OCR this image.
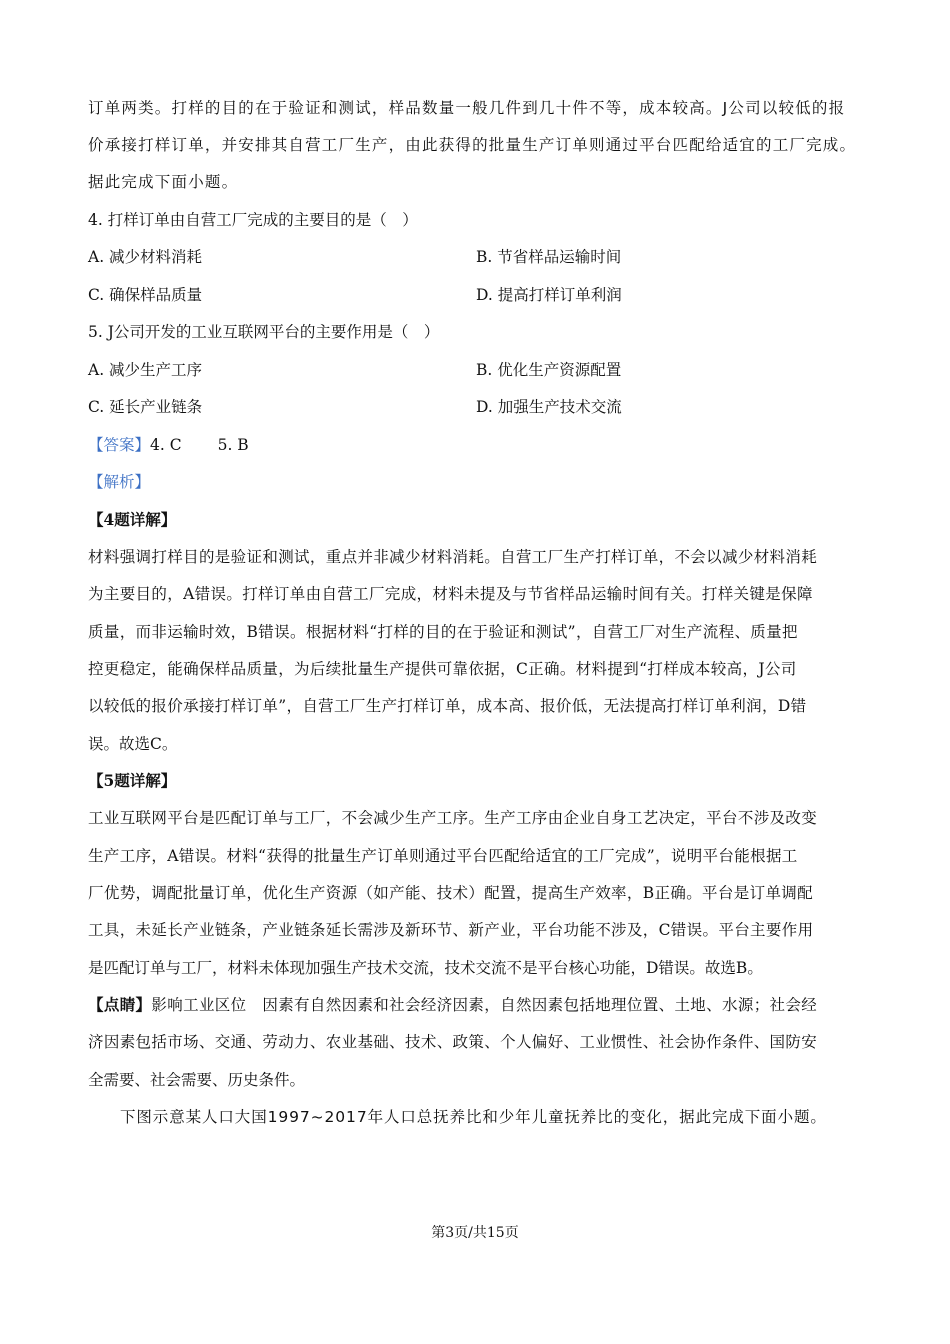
订单两类。打样的目的在于验证和测试，样品数量一般几件到几十件不等，成本较高。J公司以较低的报
价承接打样订单，并安排其自营工厂生产，由此获得的批量生产订单则通过平台匹配给适宜的工厂完成。
据此完成下面小题。
4. 打样订单由自营工厂完成的主要目的是（　）
A. 减少材料消耗	B. 节省样品运输时间
C. 确保样品质量	D. 提高打样订单利润
5. J公司开发的工业互联网平台的主要作用是（　）
A. 减少生产工序	B. 优化生产资源配置
C. 延长产业链条	D. 加强生产技术交流
【答案】4. C 5. B
【解析】
【4题详解】
材料强调打样目的是验证和测试，重点并非减少材料消耗。自营工厂生产打样订单，不会以减少材料消耗
为主要目的，A错误。打样订单由自营工厂完成，材料未提及与节省样品运输时间有关。打样关键是保障
质量，而非运输时效，B错误。根据材料“打样的目的在于验证和测试”，自营工厂对生产流程、质量把
控更稳定，能确保样品质量，为后续批量生产提供可靠依据，C正确。材料提到“打样成本较高，J公司
以较低的报价承接打样订单”，自营工厂生产打样订单，成本高、报价低，无法提高打样订单利润，D错
误。故选C。
【5题详解】
工业互联网平台是匹配订单与工厂，不会减少生产工序。生产工序由企业自身工艺决定，平台不涉及改变
生产工序，A错误。材料“获得的批量生产订单则通过平台匹配给适宜的工厂完成”，说明平台能根据工
厂优势，调配批量订单，优化生产资源（如产能、技术）配置，提高生产效率，B正确。平台是订单调配
工具，未延长产业链条，产业链条延长需涉及新环节、新产业，平台功能不涉及，C错误。平台主要作用
是匹配订单与工厂，材料未体现加强生产技术交流，技术交流不是平台核心功能，D错误。故选B。
【点睛】影响工业区位　因素有自然因素和社会经济因素，自然因素包括地理位置、土地、水源；社会经
济因素包括市场、交通、劳动力、农业基础、技术、政策、个人偏好、工业惯性、社会协作条件、国防安
全需要、社会需要、历史条件。
下图示意某人口大国1997~2017年人口总抚养比和少年儿童抚养比的变化，据此完成下面小题。
第3页/共15页
